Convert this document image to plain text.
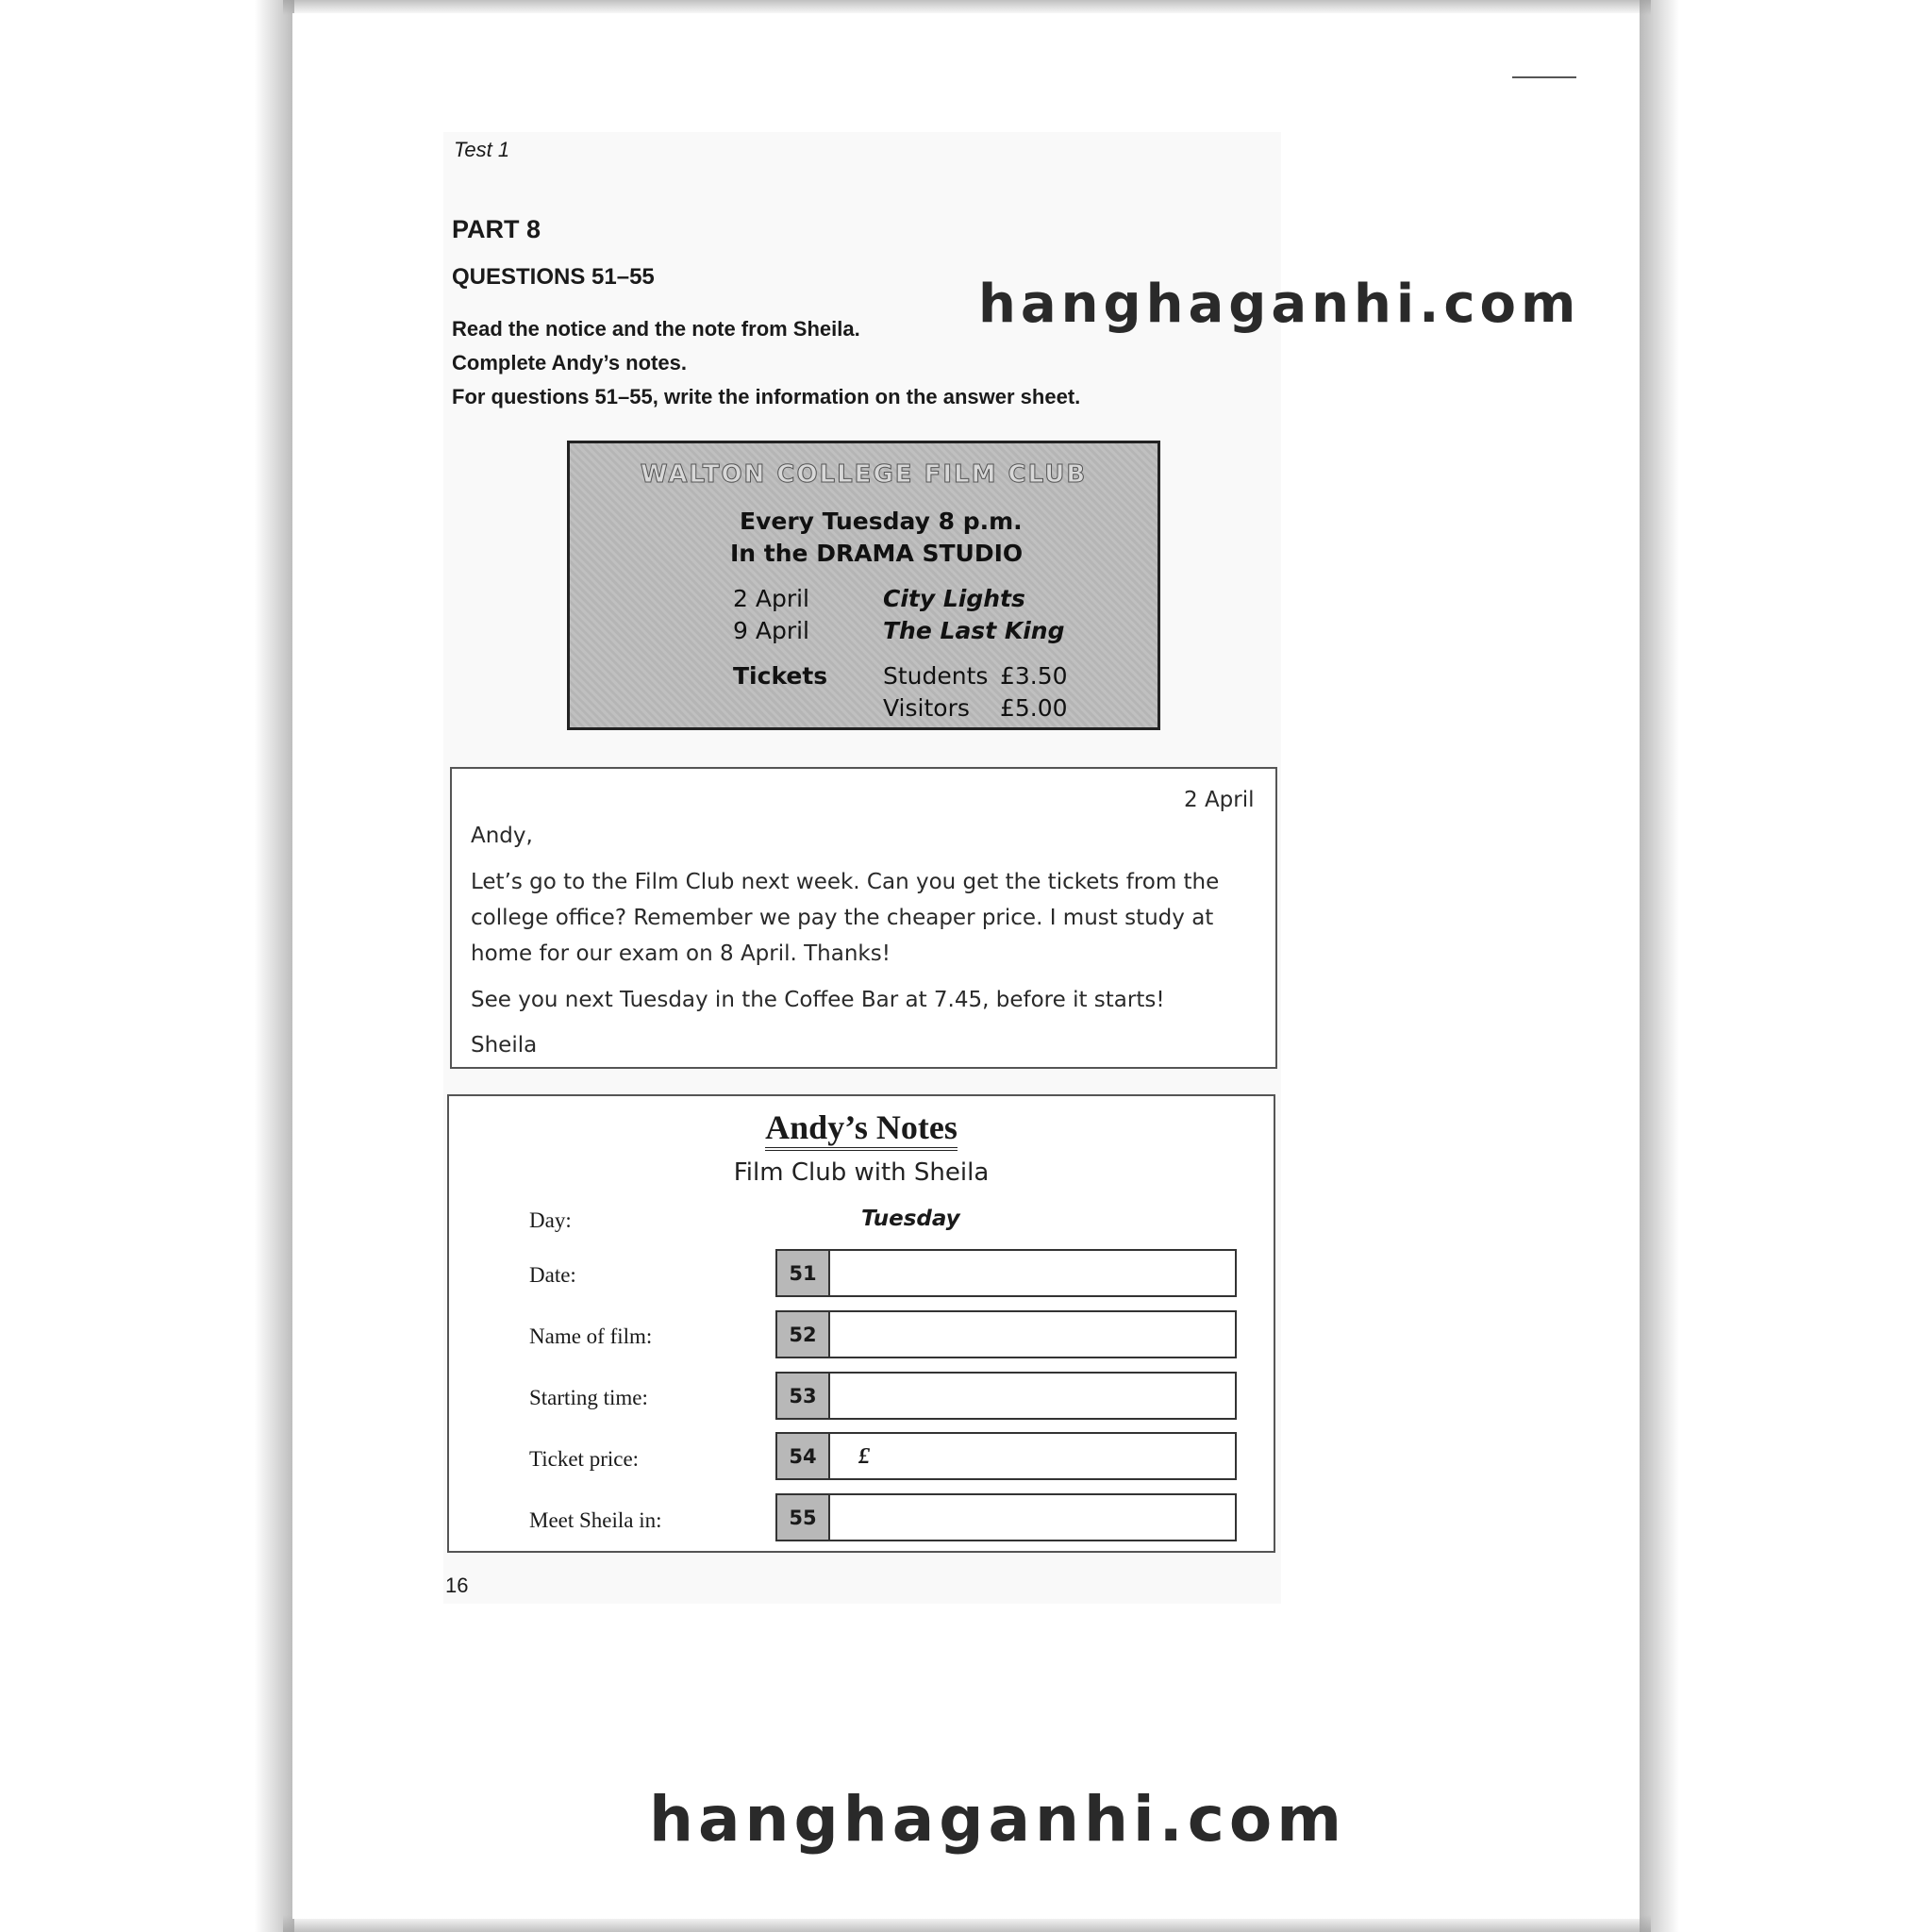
Test 1
PART 8
QUESTIONS 51–55
Read the notice and the note from Sheila.
Complete Andy’s notes.
For questions 51–55, write the information on the answer sheet.
hanghaganhi.com
WALTON COLLEGE FILM CLUB
Every Tuesday 8 p.m.
In the DRAMA STUDIO
2 April	City Lights
9 April	The Last King
Tickets Students £3.50
Visitors £5.00
2 April
Andy,
Let’s go to the Film Club next week. Can you get the tickets from the
college office? Remember we pay the cheaper price. I must study at
home for our exam on 8 April. Thanks!
See you next Tuesday in the Coffee Bar at 7.45, before it starts!
Sheila
Andy’s Notes
Film Club with Sheila
Day:	Tuesday
Date:	51
Name of film:	52
Starting time:	53
Ticket price:	54	£
Meet Sheila in:	55
16
hanghaganhi.com
